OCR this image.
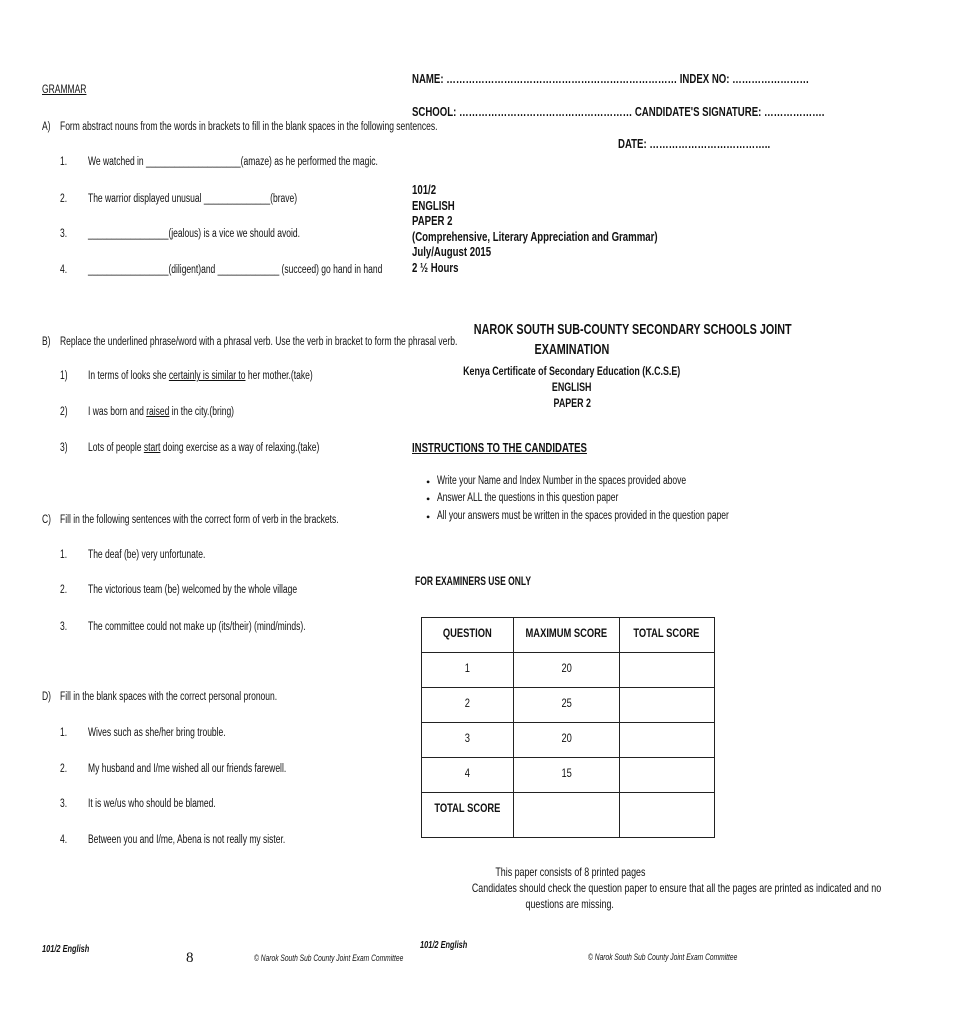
GRAMMAR
A) Form abstract nouns from the words in brackets to fill in the blank spaces in the following sentences.
1. We watched in ____________________(amaze) as he performed the magic.
2. The warrior displayed unusual ______________(brave)
3. _________________(jealous) is a vice we should avoid.
4. _________________(diligent)and _____________ (succeed) go hand in hand
B) Replace the underlined phrase/word with a phrasal verb. Use the verb in bracket to form the phrasal verb.
1) In terms of looks she certainly is similar to her mother.(take)
2) I was born and raised in the city.(bring)
3) Lots of people start doing exercise as a way of relaxing.(take)
C) Fill in the following sentences with the correct form of verb in the brackets.
1. The deaf (be) very unfortunate.
2. The victorious team (be) welcomed by the whole village
3. The committee could not make up (its/their) (mind/minds).
D) Fill in the blank spaces with the correct personal pronoun.
1. Wives such as she/her bring trouble.
2. My husband and I/me wished all our friends farewell.
3. It is we/us who should be blamed.
4. Between you and I/me, Abena is not really my sister.
101/2 English
8	© Narok South Sub County Joint Exam Committee
NAME: ……………………………………………………………… INDEX NO: ……………………
SCHOOL: ……………………………………………… CANDIDATE'S SIGNATURE: ……………….
DATE: ………………………………..
101/2
ENGLISH
PAPER 2
(Comprehensive, Literary Appreciation and Grammar)
July/August 2015
2 ½ Hours
NAROK SOUTH SUB-COUNTY SECONDARY SCHOOLS JOINT
EXAMINATION
Kenya Certificate of Secondary Education (K.C.S.E)
ENGLISH
PAPER 2
INSTRUCTIONS TO THE CANDIDATES
• Write your Name and Index Number in the spaces provided above
• Answer ALL the questions in this question paper
• All your answers must be written in the spaces provided in the question paper
FOR EXAMINERS USE ONLY
QUESTION	MAXIMUM SCORE	TOTAL SCORE
1	20	
2	25	
3	20	
4	15	
TOTAL SCORE		
This paper consists of 8 printed pages
Candidates should check the question paper to ensure that all the pages are printed as indicated and no
questions are missing.
101/2 English
© Narok South Sub County Joint Exam Committee
